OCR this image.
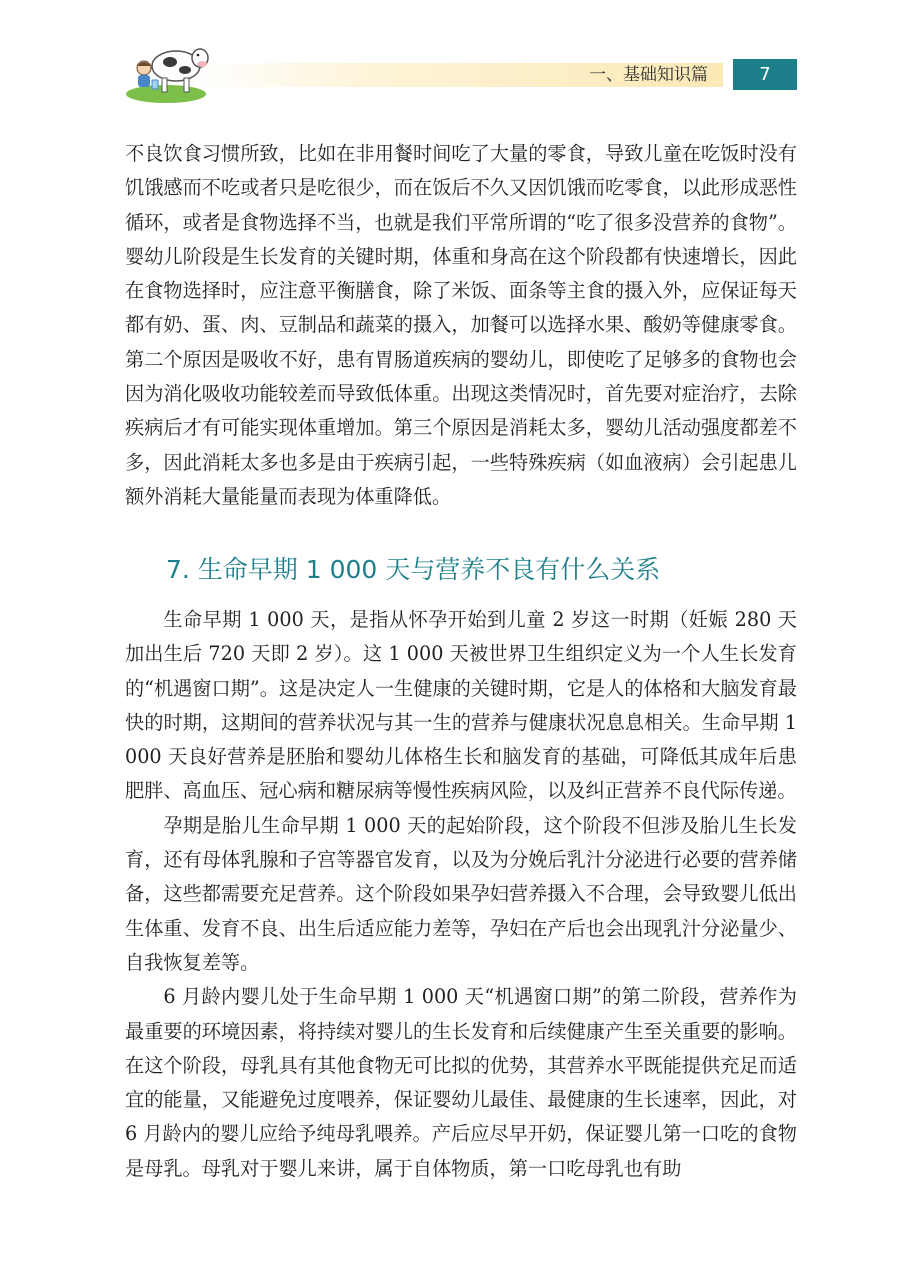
一、基础知识篇	7

不良饮食习惯所致，比如在非用餐时间吃了大量的零食，导致儿童在吃饭时没有饥饿感而不吃或者只是吃很少，而在饭后不久又因饥饿而吃零食，以此形成恶性循环，或者是食物选择不当，也就是我们平常所谓的“吃了很多没营养的食物”。婴幼儿阶段是生长发育的关键时期，体重和身高在这个阶段都有快速增长，因此在食物选择时，应注意平衡膳食，除了米饭、面条等主食的摄入外，应保证每天都有奶、蛋、肉、豆制品和蔬菜的摄入，加餐可以选择水果、酸奶等健康零食。第二个原因是吸收不好，患有胃肠道疾病的婴幼儿，即使吃了足够多的食物也会因为消化吸收功能较差而导致低体重。出现这类情况时，首先要对症治疗，去除疾病后才有可能实现体重增加。第三个原因是消耗太多，婴幼儿活动强度都差不多，因此消耗太多也多是由于疾病引起，一些特殊疾病（如血液病）会引起患儿额外消耗大量能量而表现为体重降低。

7. 生命早期 1 000 天与营养不良有什么关系

生命早期 1 000 天，是指从怀孕开始到儿童 2 岁这一时期（妊娠 280 天加出生后 720 天即 2 岁）。这 1 000 天被世界卫生组织定义为一个人生长发育的“机遇窗口期”。这是决定人一生健康的关键时期，它是人的体格和大脑发育最快的时期，这期间的营养状况与其一生的营养与健康状况息息相关。生命早期 1 000 天良好营养是胚胎和婴幼儿体格生长和脑发育的基础，可降低其成年后患肥胖、高血压、冠心病和糖尿病等慢性疾病风险，以及纠正营养不良代际传递。

孕期是胎儿生命早期 1 000 天的起始阶段，这个阶段不但涉及胎儿生长发育，还有母体乳腺和子宫等器官发育，以及为分娩后乳汁分泌进行必要的营养储备，这些都需要充足营养。这个阶段如果孕妇营养摄入不合理，会导致婴儿低出生体重、发育不良、出生后适应能力差等，孕妇在产后也会出现乳汁分泌量少、自我恢复差等。

6 月龄内婴儿处于生命早期 1 000 天“机遇窗口期”的第二阶段，营养作为最重要的环境因素，将持续对婴儿的生长发育和后续健康产生至关重要的影响。在这个阶段，母乳具有其他食物无可比拟的优势，其营养水平既能提供充足而适宜的能量，又能避免过度喂养，保证婴幼儿最佳、最健康的生长速率，因此，对 6 月龄内的婴儿应给予纯母乳喂养。产后应尽早开奶，保证婴儿第一口吃的食物是母乳。母乳对于婴儿来讲，属于自体物质，第一口吃母乳也有助
